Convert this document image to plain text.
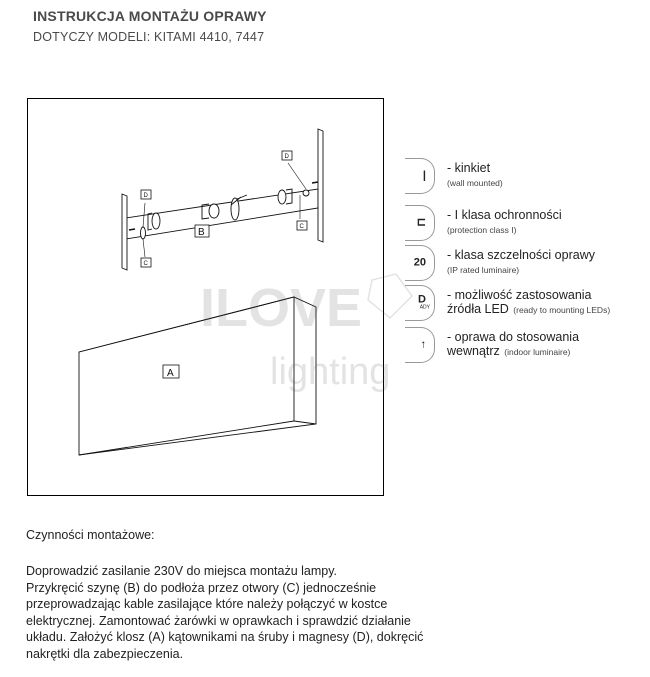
INSTRUKCJA MONTAŻU OPRAWY
DOTYCZY MODELI: KITAMI 4410, 7447
D
C
D
C
B
A
|
- kinkiet
(wall mounted)
⊏
- I klasa ochronności
(protection class I)
20
- klasa szczelności oprawy
(IP rated luminaire)
D
ADY
- możliwość zastosowania
źródła LED (ready to mounting LEDs)
↑
- oprawa do stosowania
wewnątrz (indoor luminaire)
lighting
Czynności montażowe:
Doprowadzić zasilanie 230V do miejsca montażu lampy.
Przykręcić szynę (B) do podłoża przez otwory (C) jednocześnie
przeprowadzając kable zasilające które należy połączyć w kostce
elektrycznej. Zamontować żarówki w oprawkach i sprawdzić działanie
układu. Założyć klosz (A) kątownikami na śruby i magnesy (D), dokręcić
nakrętki dla zabezpieczenia.
